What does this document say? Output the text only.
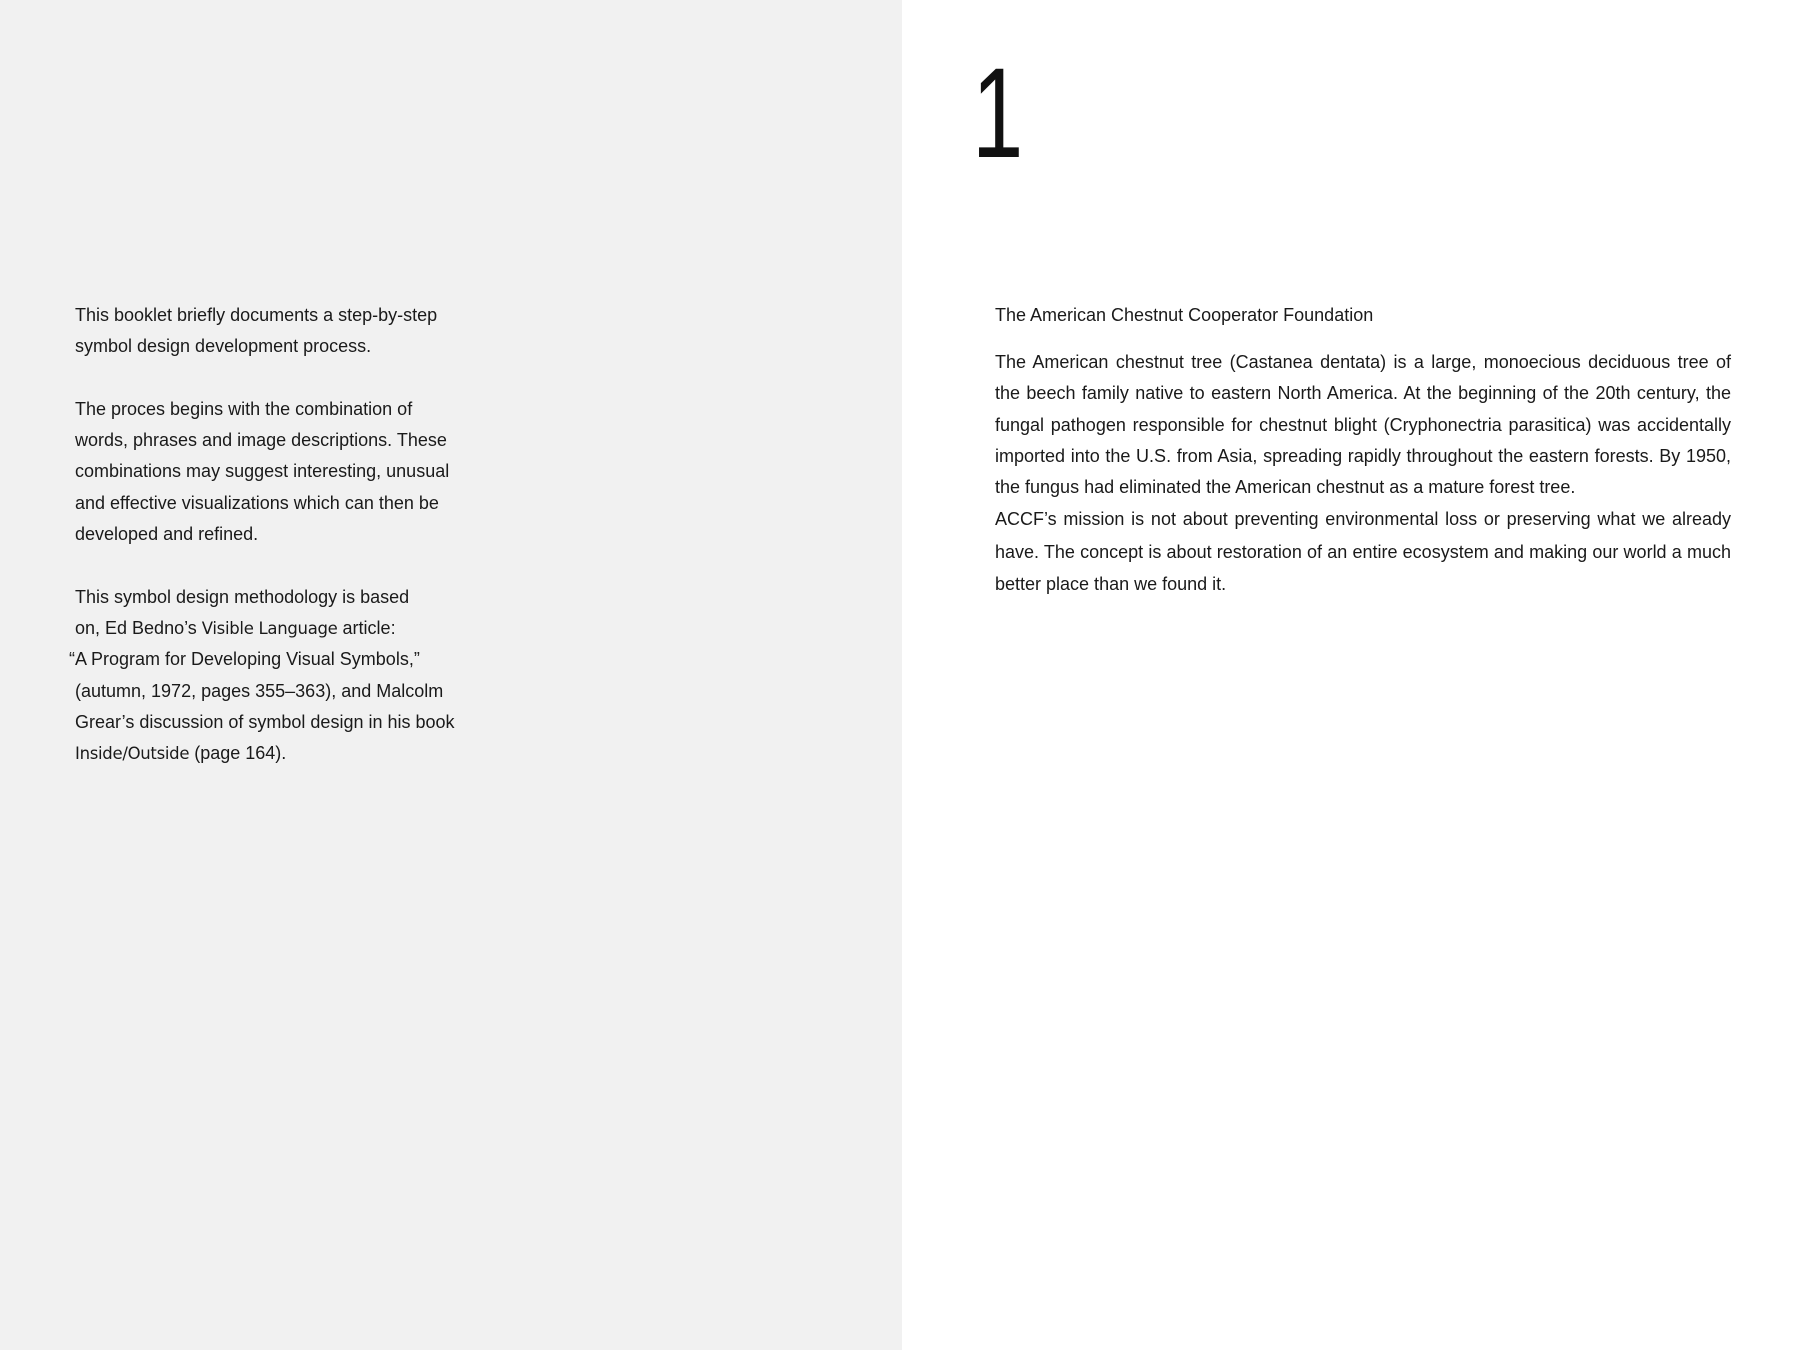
This booklet briefly documents a step-by-step symbol design development process.

The proces begins with the combination of words, phrases and image descriptions. These combinations may suggest interesting, unusual and effective visualizations which can then be developed and refined.

This symbol design methodology is based
on, Ed Bedno’s Visible Language article:
“A Program for Developing Visual Symbols,”
(autumn, 1972, pages 355–363), and Malcolm
Grear’s discussion of symbol design in his book
Inside/Outside (page 164).

1
The American Chestnut Cooperator Foundation

The American chestnut tree (Castanea dentata) is a large, monoecious deciduous tree of the beech family native to eastern North America. At the beginning of the 20th century, the fungal pathogen responsible for chestnut blight (Cryphonectria parasitica) was accidentally imported into the U.S. from Asia, spreading rapidly throughout the eastern forests. By 1950, the fungus had eliminated the American chestnut as a mature forest tree.

ACCF’s mission is not about preventing environmental loss or preserving what we already have. The concept is about restoration of an entire ecosystem and making our world a much better place than we found it.
